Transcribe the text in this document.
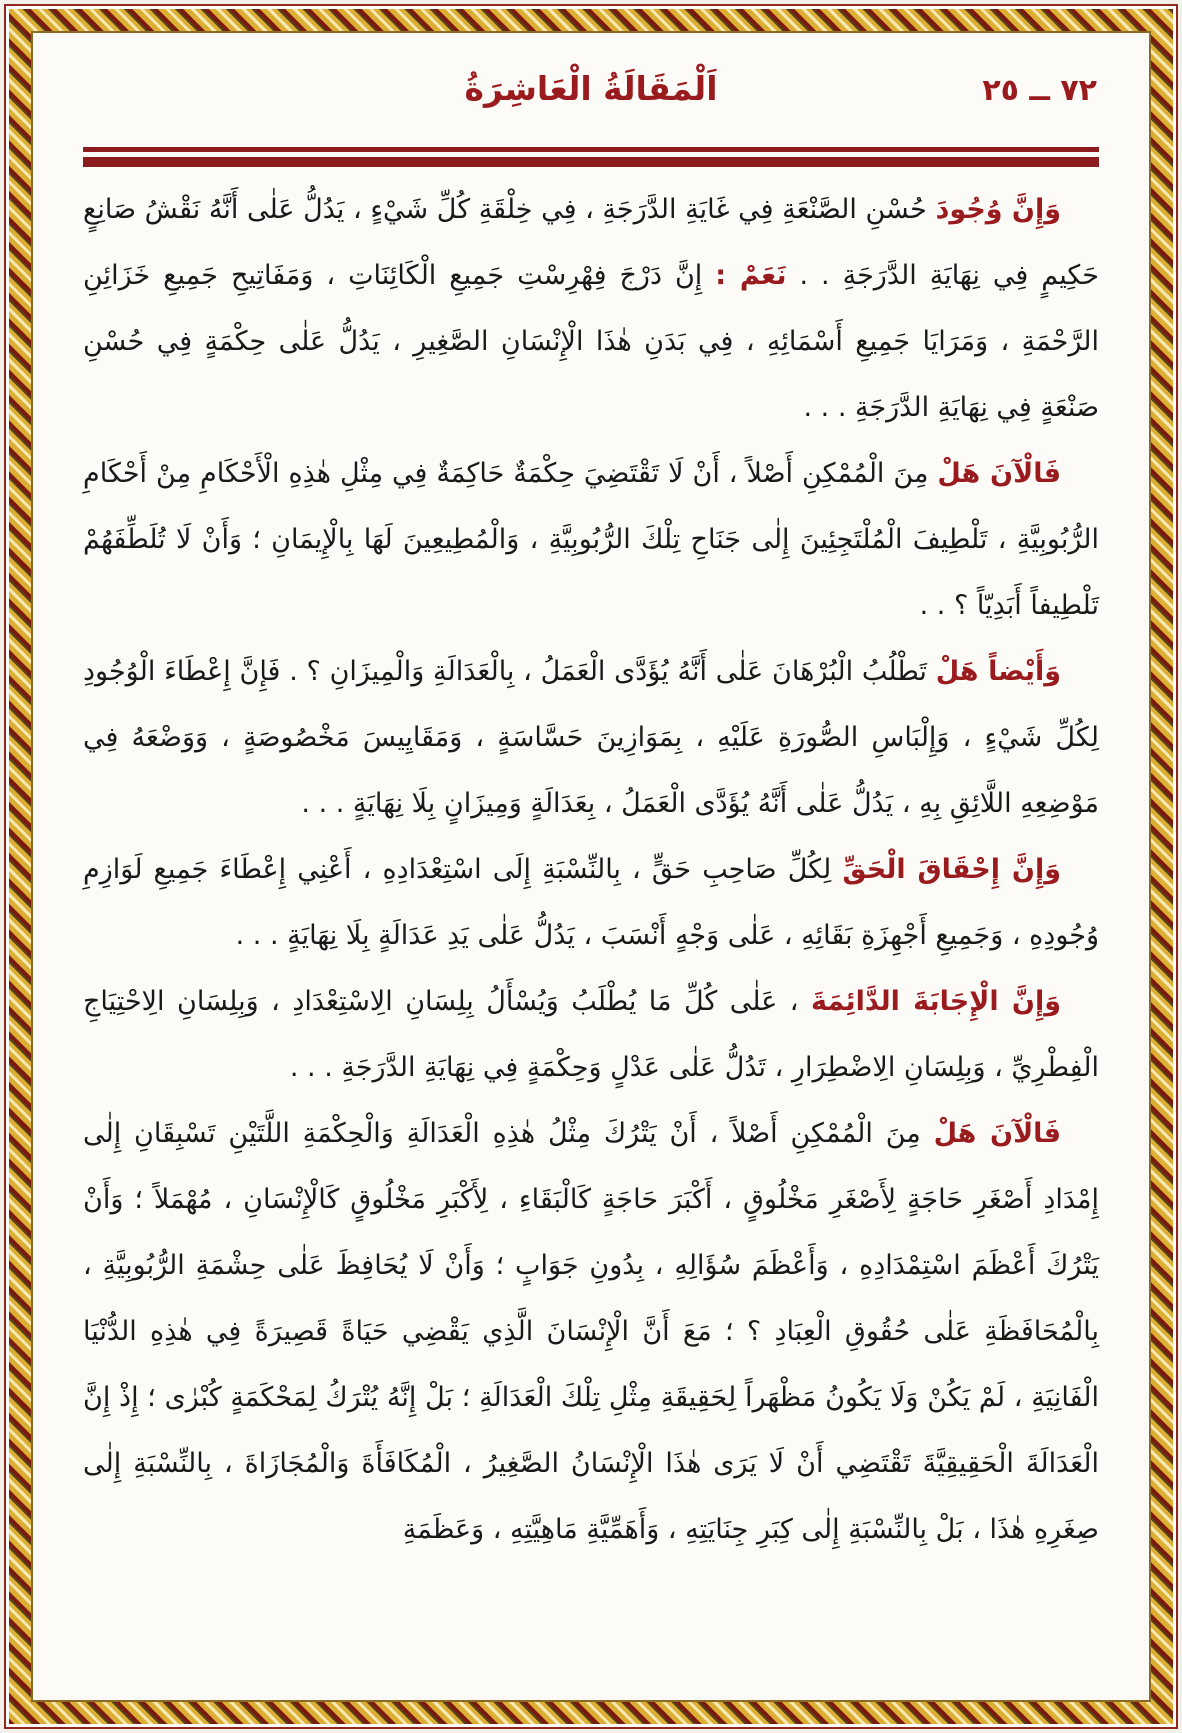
اَلْمَقَالَةُ الْعَاشِرَةُ	٧٢ ــ ٢٥

وَإِنَّ وُجُودَ حُسْنِ الصَّنْعَةِ فِي غَايَةِ الدَّرَجَةِ ، فِي خِلْقَةِ كُلِّ شَيْءٍ ، يَدُلُّ عَلٰى أَنَّهُ نَقْشُ صَانِعٍ حَكِيمٍ فِي نِهَايَةِ الدَّرَجَةِ . . نَعَمْ : إِنَّ دَرْجَ فِهْرِسْتِ جَمِيعِ الْكَائِنَاتِ ، وَمَفَاتِيحِ جَمِيعِ خَزَائِنِ الرَّحْمَةِ ، وَمَرَايَا جَمِيعِ أَسْمَائِهِ ، فِي بَدَنِ هٰذَا الْإِنْسَانِ الصَّغِيرِ ، يَدُلُّ عَلٰى حِكْمَةٍ فِي حُسْنِ صَنْعَةٍ فِي نِهَايَةِ الدَّرَجَةِ . . .

فَالْآنَ هَلْ مِنَ الْمُمْكِنِ أَصْلاً ، أَنْ لَا تَقْتَضِيَ حِكْمَةٌ حَاكِمَةٌ فِي مِثْلِ هٰذِهِ الْأَحْكَامِ مِنْ أَحْكَامِ الرُّبُوبِيَّةِ ، تَلْطِيفَ الْمُلْتَجِئِينَ إِلٰى جَنَاحِ تِلْكَ الرُّبُوبِيَّةِ ، وَالْمُطِيعِينَ لَهَا بِالْإِيمَانِ ؛ وَأَنْ لَا تُلَطِّفَهُمْ تَلْطِيفاً أَبَدِيّاً ؟ . .

وَأَيْضاً هَلْ تَطْلُبُ الْبُرْهَانَ عَلٰى أَنَّهُ يُؤَدَّى الْعَمَلُ ، بِالْعَدَالَةِ وَالْمِيزَانِ ؟ . فَإِنَّ إِعْطَاءَ الْوُجُودِ لِكُلِّ شَيْءٍ ، وَإِلْبَاسِ الصُّورَةِ عَلَيْهِ ، بِمَوَازِينَ حَسَّاسَةٍ ، وَمَقَايِيسَ مَخْصُوصَةٍ ، وَوَضْعَهُ فِي مَوْضِعِهِ اللَّائِقِ بِهِ ، يَدُلُّ عَلٰى أَنَّهُ يُؤَدَّى الْعَمَلُ ، بِعَدَالَةٍ وَمِيزَانٍ بِلَا نِهَايَةٍ . . .

وَإِنَّ إِحْقَاقَ الْحَقِّ لِكُلِّ صَاحِبِ حَقٍّ ، بِالنِّسْبَةِ إِلَى اسْتِعْدَادِهِ ، أَعْنِي إِعْطَاءَ جَمِيعِ لَوَازِمِ وُجُودِهِ ، وَجَمِيعِ أَجْهِزَةِ بَقَائِهِ ، عَلٰى وَجْهٍ أَنْسَبَ ، يَدُلُّ عَلٰى يَدِ عَدَالَةٍ بِلَا نِهَايَةٍ . . .

وَإِنَّ الْإِجَابَةَ الدَّائِمَةَ ، عَلٰى كُلِّ مَا يُطْلَبُ وَيُسْأَلُ بِلِسَانِ الِاسْتِعْدَادِ ، وَبِلِسَانِ الِاحْتِيَاجِ الْفِطْرِيِّ ، وَبِلِسَانِ الِاضْطِرَارِ ، تَدُلُّ عَلٰى عَدْلٍ وَحِكْمَةٍ فِي نِهَايَةِ الدَّرَجَةِ . . .

فَالْآنَ هَلْ مِنَ الْمُمْكِنِ أَصْلاً ، أَنْ يَتْرُكَ مِثْلُ هٰذِهِ الْعَدَالَةِ وَالْحِكْمَةِ اللَّتَيْنِ تَسْبِقَانِ إِلٰى إِمْدَادِ أَصْغَرِ حَاجَةٍ لِأَصْغَرِ مَخْلُوقٍ ، أَكْبَرَ حَاجَةٍ كَالْبَقَاءِ ، لِأَكْبَرِ مَخْلُوقٍ كَالْإِنْسَانِ ، مُهْمَلاً ؛ وَأَنْ يَتْرُكَ أَعْظَمَ اسْتِمْدَادِهِ ، وَأَعْظَمَ سُؤَالِهِ ، بِدُونِ جَوَابٍ ؛ وَأَنْ لَا يُحَافِظَ عَلٰى حِشْمَةِ الرُّبُوبِيَّةِ ، بِالْمُحَافَظَةِ عَلٰى حُقُوقِ الْعِبَادِ ؟ ؛ مَعَ أَنَّ الْإِنْسَانَ الَّذِي يَقْضِي حَيَاةً قَصِيرَةً فِي هٰذِهِ الدُّنْيَا الْفَانِيَةِ ، لَمْ يَكُنْ وَلَا يَكُونُ مَظْهَراً لِحَقِيقَةِ مِثْلِ تِلْكَ الْعَدَالَةِ ؛ بَلْ إِنَّهُ يُتْرَكُ لِمَحْكَمَةٍ كُبْرٰى ؛ إِذْ إِنَّ الْعَدَالَةَ الْحَقِيقِيَّةَ تَقْتَضِي أَنْ لَا يَرَى هٰذَا الْإِنْسَانُ الصَّغِيرُ ، الْمُكَافَأَةَ وَالْمُجَازَاةَ ، بِالنِّسْبَةِ إِلٰى صِغَرِهِ هٰذَا ، بَلْ بِالنِّسْبَةِ إِلٰى كِبَرِ جِنَايَتِهِ ، وَأَهَمِّيَّةِ مَاهِيَّتِهِ ، وَعَظَمَةِ
